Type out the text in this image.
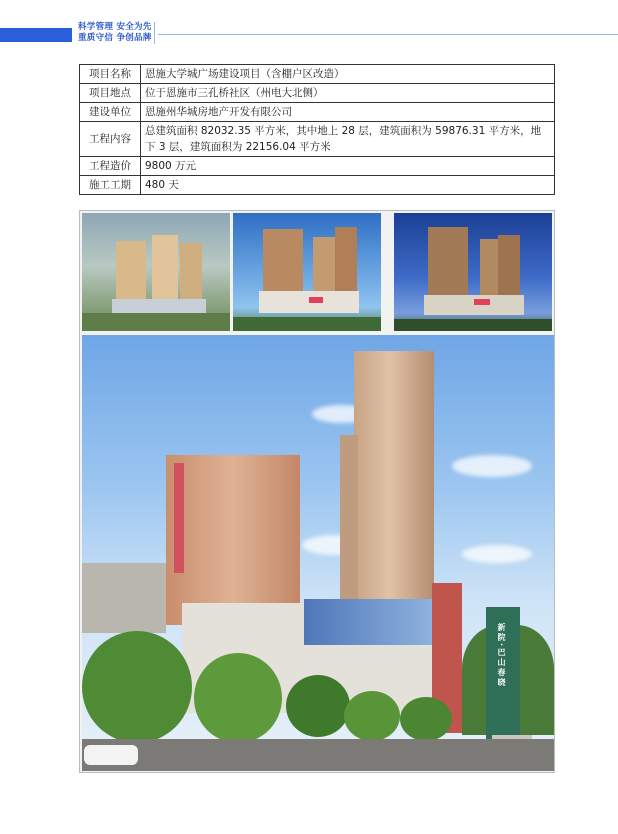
科学管理 安全为先
重质守信 争创品牌
项目名称	恩施大学城广场建设项目（含棚户区改造）
项目地点	位于恩施市三孔桥社区（州电大北侧）
建设单位	恩施州华城房地产开发有限公司
工程内容	总建筑面积 82032.35 平方米，其中地上 28 层，建筑面积为 59876.31 平方米，地下 3 层，建筑面积为 22156.04 平方米
工程造价	9800 万元
施工工期	480 天
新院·巴山春晓
